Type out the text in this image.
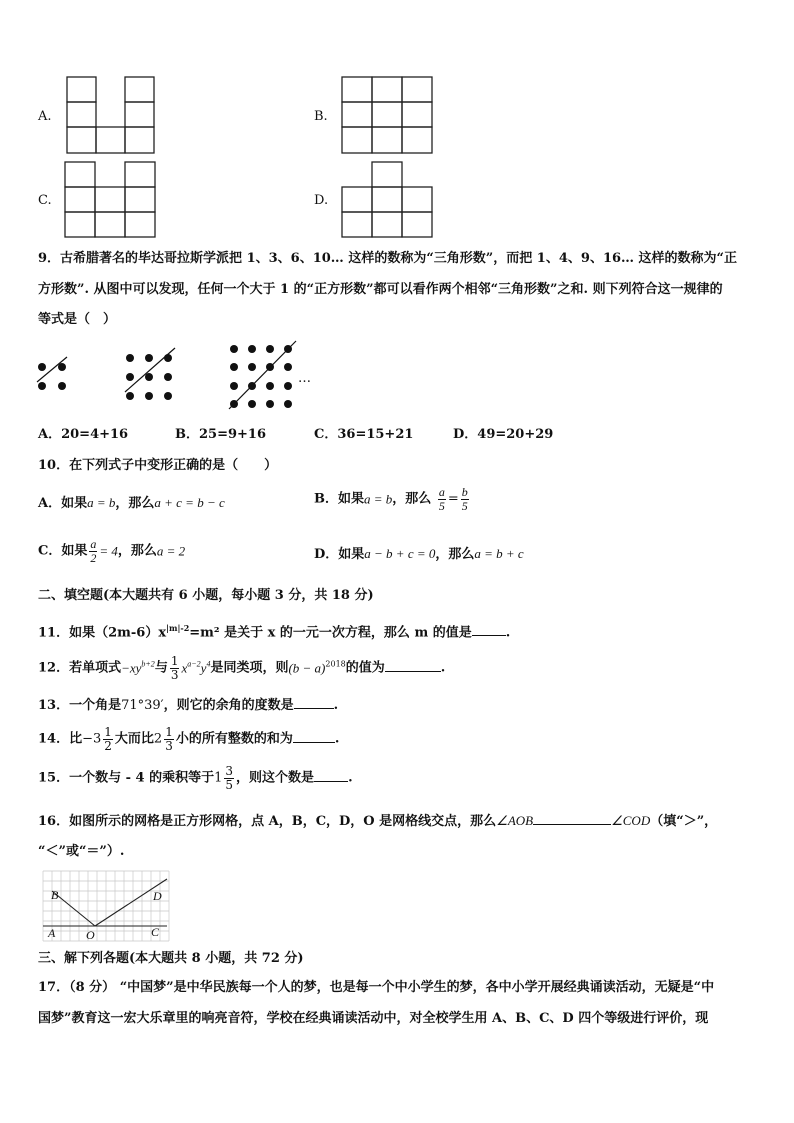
A.	B.
C.	D.
9．古希腊著名的毕达哥拉斯学派把 1、3、6、10… 这样的数称为“三角形数”，而把 1、4、9、16… 这样的数称为“正
方形数”. 从图中可以发现，任何一个大于 1 的“正方形数”都可以看作两个相邻“三角形数”之和. 则下列符合这一规律的
等式是（　）
…
A．20=4+16	B．25=9+16	C．36=15+21	D．49=20+29
10．在下列式子中变形正确的是（　　）
A．如果a = b，那么a + c = b − c	B．如果a = b，那么 $\frac{a}{5} = \frac{b}{5}$
C．如果 $\frac{a}{2} = 4$，那么a = 2	D．如果a − b + c = 0，那么a = b + c
二、填空题(本大题共有 6 小题，每小题 3 分，共 18 分)
11．如果$(2m-6)x^{|m|-2}=m^2$ 是关于 x 的一元一次方程，那么 m 的值是	.
12．若单项式$-xy^{b+2}$与 $\frac{1}{3} x^{a-2}y^4$是同类项，则$(b - a)^{2018}$的值为	.
13．一个角是71°39′，则它的余角的度数是	.
14．比$-3 \frac{1}{2}$ 大而比$2 \frac{1}{3}$ 小的所有整数的和为	.
15．一个数与 - 4 的乘积等于$1 \frac{3}{5}$ ，则这个数是	.
16．如图所示的网格是正方形网格，点 A，B，C，D，O 是网格线交点，那么∠AOB	∠COD（填“＞”，
“＜”或“＝”）.
B
A	O	C
D
三、解下列各题(本大题共 8 小题，共 72 分)
17．（8 分） “中国梦”是中华民族每一个人的梦，也是每一个中小学生的梦，各中小学开展经典诵读活动，无疑是“中
国梦”教育这一宏大乐章里的响亮音符，学校在经典诵读活动中，对全校学生用 A、B、C、D 四个等级进行评价，现
